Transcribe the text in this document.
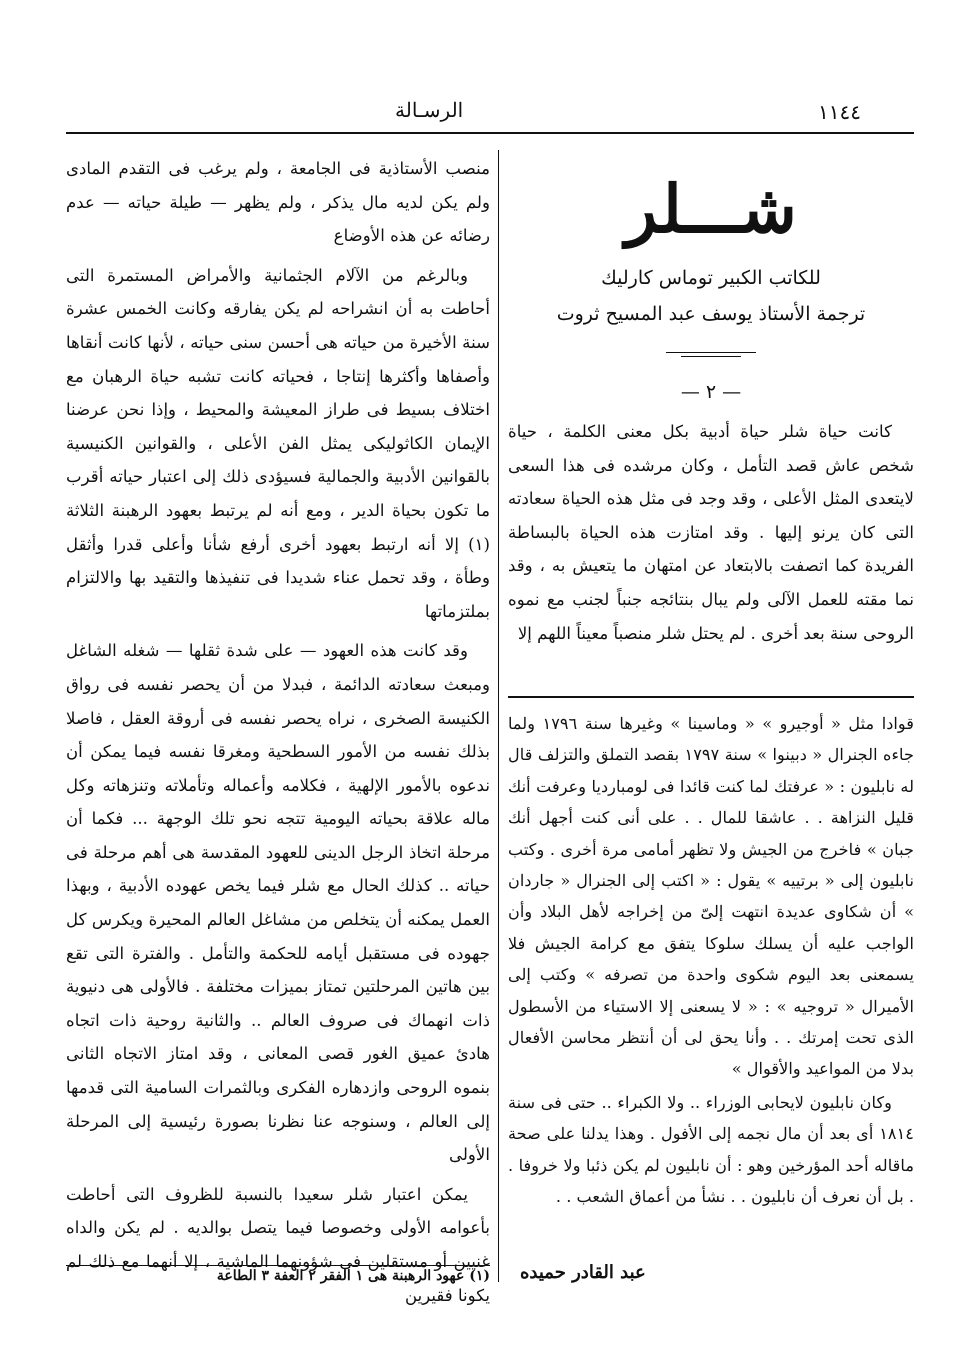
١١٤٤
الرسـالة
شـــلر

للكاتب الكبير توماس كارليك

ترجمة الأستاذ يوسف عبد المسيح ثروت

— ٢ —

كانت حياة شلر حياة أدبية بكل معنى الكلمة ، حياة شخص عاش قصد التأمل ، وكان مرشده فى هذا السعى لايتعدى المثل الأعلى ، وقد وجد فى مثل هذه الحياة سعادته التى كان يرنو إليها . وقد امتازت هذه الحياة بالبساطة الفريدة كما اتصفت بالابتعاد عن امتهان ما يتعيش به ، وقد نما مقته للعمل الآلى ولم يبال بنتائجه جنباً لجنب مع نموه الروحى سنة بعد أخرى . لم يحتل شلر منصباً معيناً اللهم إلا

قوادا مثل « أوجيرو » « وماسينا » وغيرها سنة ١٧٩٦ ولما جاءه الجنرال « دبينوا » سنة ١٧٩٧ بقصد التملق والتزلف قال له نابليون : « عرفتك لما كنت قائدا فى لومبارديا وعرفت أنك قليل النزاهة . . عاشقا للمال . . على أنى كنت أجهل أنك جبان » فاخرج من الجيش ولا تظهر أمامى مرة أخرى . وكتب نابليون إلى « برتييه » يقول : « اكتب إلى الجنرال « جاردان » أن شكاوى عديدة انتهت إلىّ من إخراجه لأهل البلاد وأن الواجب عليه أن يسلك سلوكا يتفق مع كرامة الجيش فلا يسمعنى بعد اليوم شكوى واحدة من تصرفه » وكتب إلى الأميرال « تروجيه » : « لا يسعنى إلا الاستياء من الأسطول الذى تحت إمرتك . . وأنا يحق لى أن أنتظر محاسن الأفعال بدلا من المواعيد والأقوال »

وكان نابليون لايحابى الوزراء .. ولا الكبراء .. حتى فى سنة ١٨١٤ أى بعد أن مال نجمه إلى الأفول . وهذا يدلنا على صحة ماقاله أحد المؤرخين وهو : أن نابليون لم يكن ذئبا ولا خروفا . . بل أن نعرف أن نابليون . . نشأ من أعماق الشعب . .

عبد القادر حميده

منصب الأستاذية فى الجامعة ، ولم يرغب فى التقدم المادى ولم يكن لديه مال يذكر ، ولم يظهر — طيلة حياته — عدم رضائه عن هذه الأوضاع

وبالرغم من الآلام الجثمانية والأمراض المستمرة التى أحاطت به أن انشراحه لم يكن يفارقه وكانت الخمس عشرة سنة الأخيرة من حياته هى أحسن سنى حياته ، لأنها كانت أنقاها وأصفاها وأكثرها إنتاجا ، فحياته كانت تشبه حياة الرهبان مع اختلاف بسيط فى طراز المعيشة والمحيط ، وإذا نحن عرضنا الإيمان الكاثوليكى يمثل الفن الأعلى ، والقوانين الكنيسية بالقوانين الأدبية والجمالية فسيؤدى ذلك إلى اعتبار حياته أقرب ما تكون بحياة الدير ، ومع أنه لم يرتبط بعهود الرهبنة الثلاثة (١) إلا أنه ارتبط بعهود أخرى أرفع شأنا وأعلى قدرا وأثقل وطأة ، وقد تحمل عناء شديدا فى تنفيذها والتقيد بها والالتزام بملتزماتها

وقد كانت هذه العهود — على شدة ثقلها — شغله الشاغل ومبعث سعادته الدائمة ، فبدلا من أن يحصر نفسه فى رواق الكنيسة الصخرى ، نراه يحصر نفسه فى أروقة العقل ، فاصلا بذلك نفسه من الأمور السطحية ومغرقا نفسه فيما يمكن أن ندعوه بالأمور الإلهية ، فكلامه وأعماله وتأملاته وتنزهاته وكل ماله علاقة بحياته اليومية تتجه نحو تلك الوجهة ... فكما أن مرحلة اتخاذ الرجل الدينى للعهود المقدسة هى أهم مرحلة فى حياته .. كذلك الحال مع شلر فيما يخص عهوده الأدبية ، وبهذا العمل يمكنه أن يتخلص من مشاغل العالم المحيرة ويكرس كل جهوده فى مستقبل أيامه للحكمة والتأمل . والفترة التى تقع بين هاتين المرحلتين تمتاز بميزات مختلفة . فالأولى هى دنيوية ذات انهماك فى صروف العالم .. والثانية روحية ذات اتجاه هادئ عميق الغور قصى المعانى ، وقد امتاز الاتجاه الثانى بنموه الروحى وازدهاره الفكرى وبالثمرات السامية التى قدمها إلى العالم ، وسنوجه عنا نظرنا بصورة رئيسية إلى المرحلة الأولى

يمكن اعتبار شلر سعيدا بالنسبة للظروف التى أحاطت بأعوامه الأولى وخصوصا فيما يتصل بوالديه . لم يكن والداه غنيين أو مستقلين فى شؤونهما الماشية ، إلا أنهما مع ذلك لم يكونا فقيرين

(١) عهود الرهبنة هى ١ الفقر ٢ العفة ٣ الطاعة
